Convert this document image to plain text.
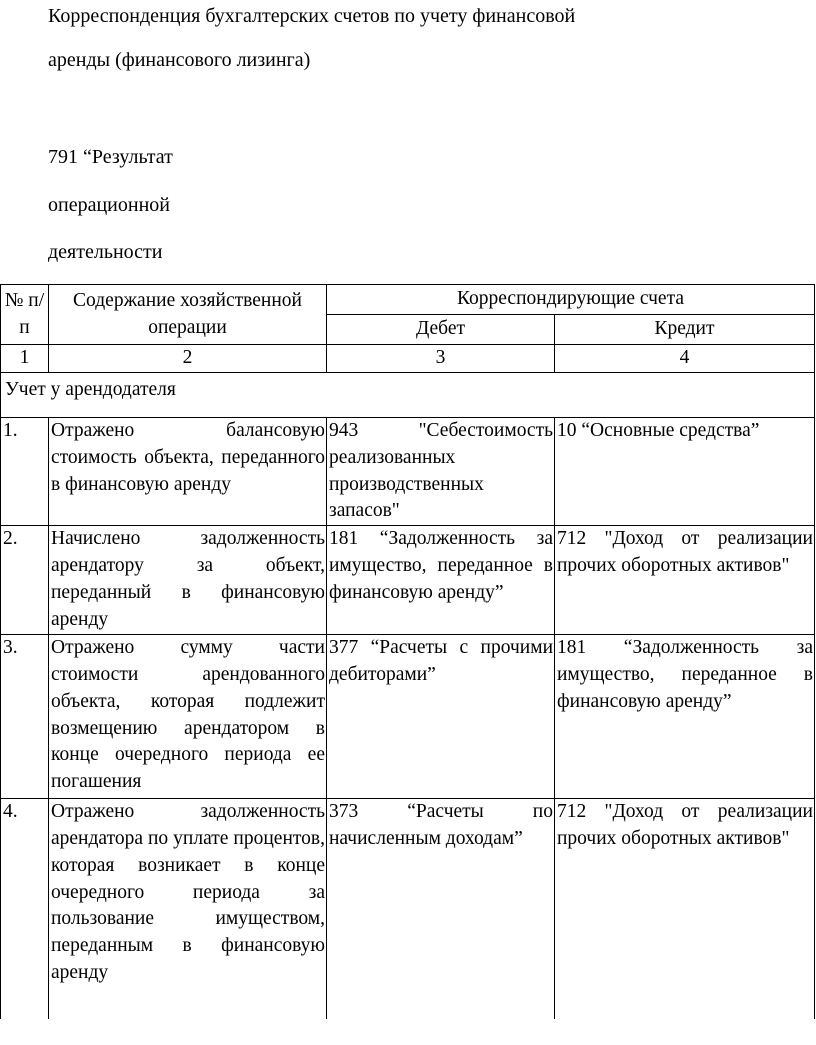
Корреспонденция бухгалтерских счетов по учету финансовой
аренды (финансового лизинга)
791 “Результат
операционной
деятельности
№ п/п	Содержание хозяйственной операции	Корреспондирующие счета	
		Дебет	Кредит
1	2	3	4
Учет у арендодателя			
1.	Отражено балансовую стоимость объекта, переданного в финансовую аренду	943 "Себестоимость реализованных производственных запасов"	10 “Основные средства”
2.	Начислено задолженность арендатору за объект, переданный в финансовую аренду	181 “Задолженность за имущество, переданное в финансовую аренду”	712 "Доход от реализации прочих оборотных активов"
3.	Отражено сумму части стоимости арендованного объекта, которая подлежит возмещению арендатором в конце очередного периода ее погашения	377 “Расчеты с прочими дебиторами”	181 “Задолженность за имущество, переданное в финансовую аренду”
4.	Отражено задолженность арендатора по уплате процентов, которая возникает в конце очередного периода за пользование имуществом, переданным в финансовую аренду	373 “Расчеты по начисленным доходам”	712 "Доход от реализации прочих оборотных активов"
